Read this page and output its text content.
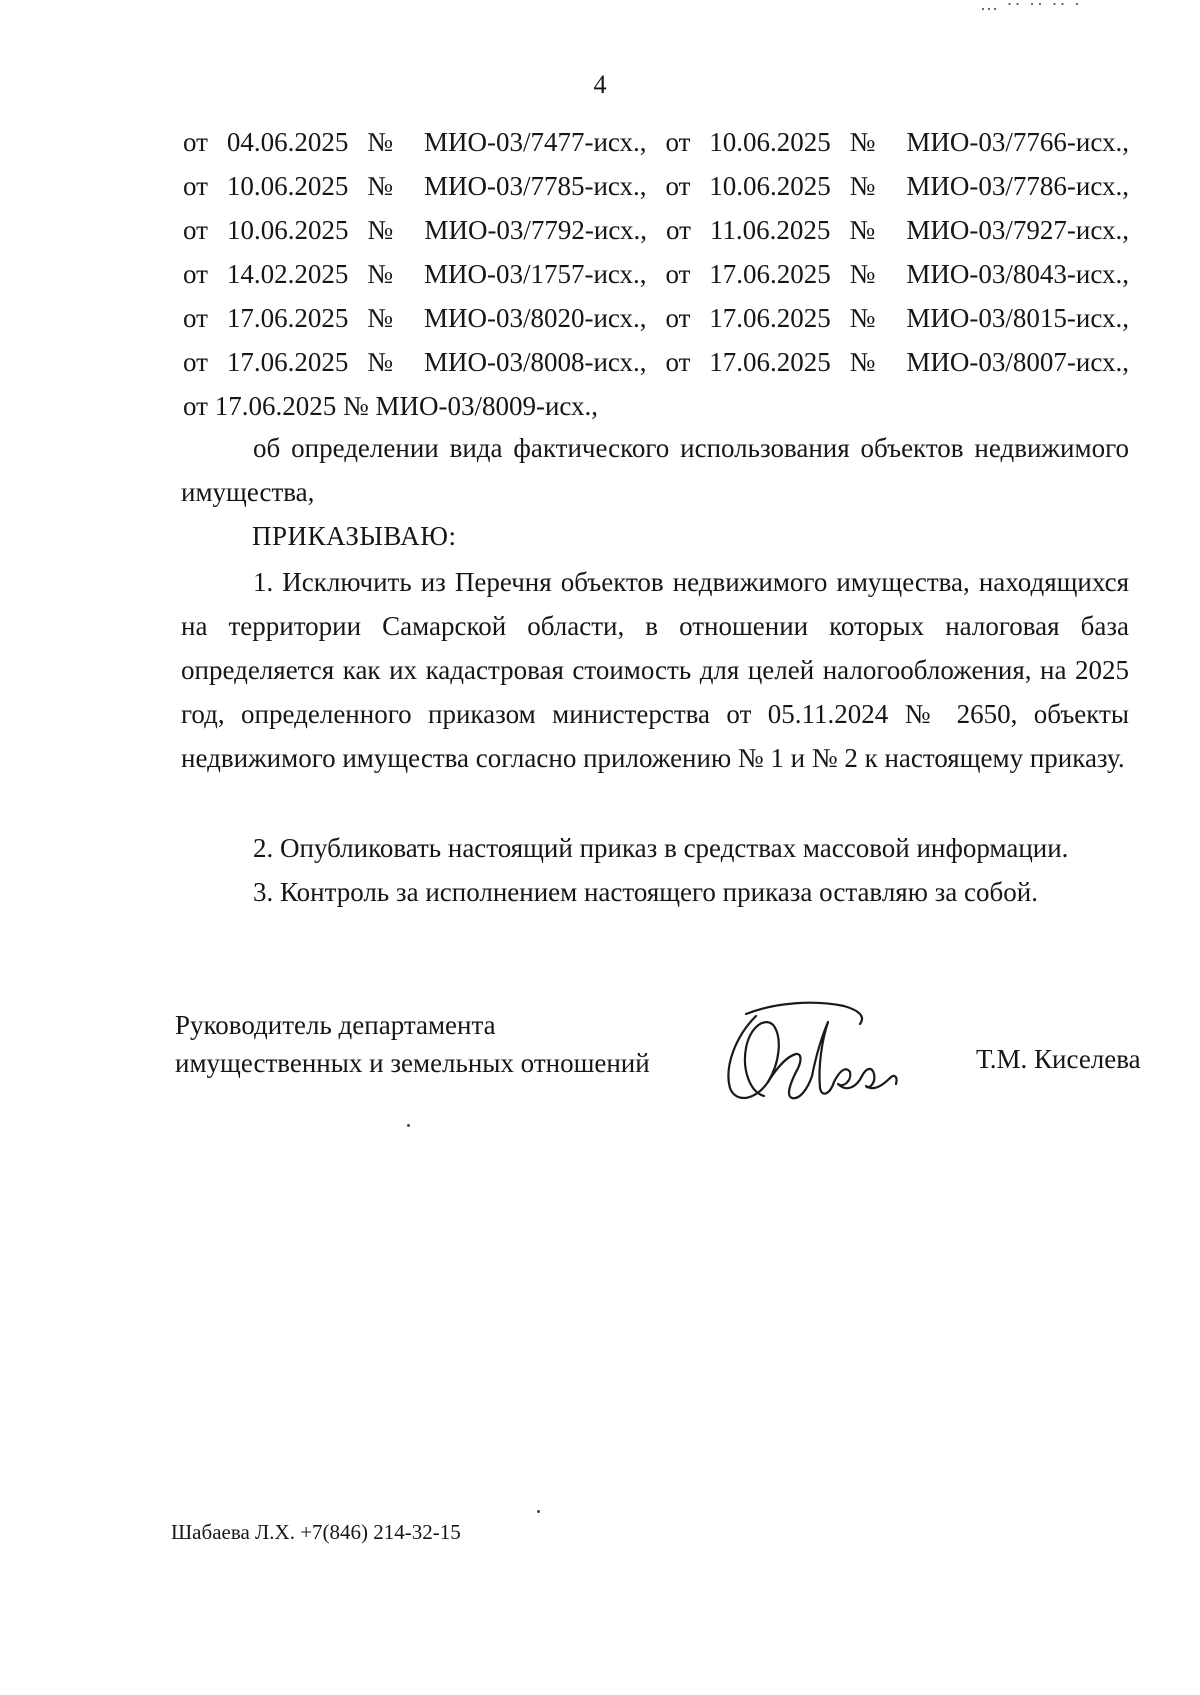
… ·· ·· ·· ·
4
от 04.06.2025 № МИО-03/7477-исх., от 10.06.2025 № МИО-03/7766-исх.,
от 10.06.2025 № МИО-03/7785-исх., от 10.06.2025 № МИО-03/7786-исх.,
от 10.06.2025 № МИО-03/7792-исх., от 11.06.2025 № МИО-03/7927-исх.,
от 14.02.2025 № МИО-03/1757-исх., от 17.06.2025 № МИО-03/8043-исх.,
от 17.06.2025 № МИО-03/8020-исх., от 17.06.2025 № МИО-03/8015-исх.,
от 17.06.2025 № МИО-03/8008-исх., от 17.06.2025 № МИО-03/8007-исх.,
от 17.06.2025 № МИО-03/8009-исх.,
об определении вида фактического использования объектов недвижимого имущества,
ПРИКАЗЫВАЮ:
1. Исключить из Перечня объектов недвижимого имущества, находящихся на территории Самарской области, в отношении которых налоговая база определяется как их кадастровая стоимость для целей налогообложения, на 2025 год, определенного приказом министерства от 05.11.2024 № 2650, объекты недвижимого имущества согласно приложению № 1 и № 2 к настоящему приказу.
2. Опубликовать настоящий приказ в средствах массовой информации.
3. Контроль за исполнением настоящего приказа оставляю за собой.
Руководитель департамента
имущественных и земельных отношений	Т.М. Киселева
Шабаева Л.Х. +7(846) 214-32-15
